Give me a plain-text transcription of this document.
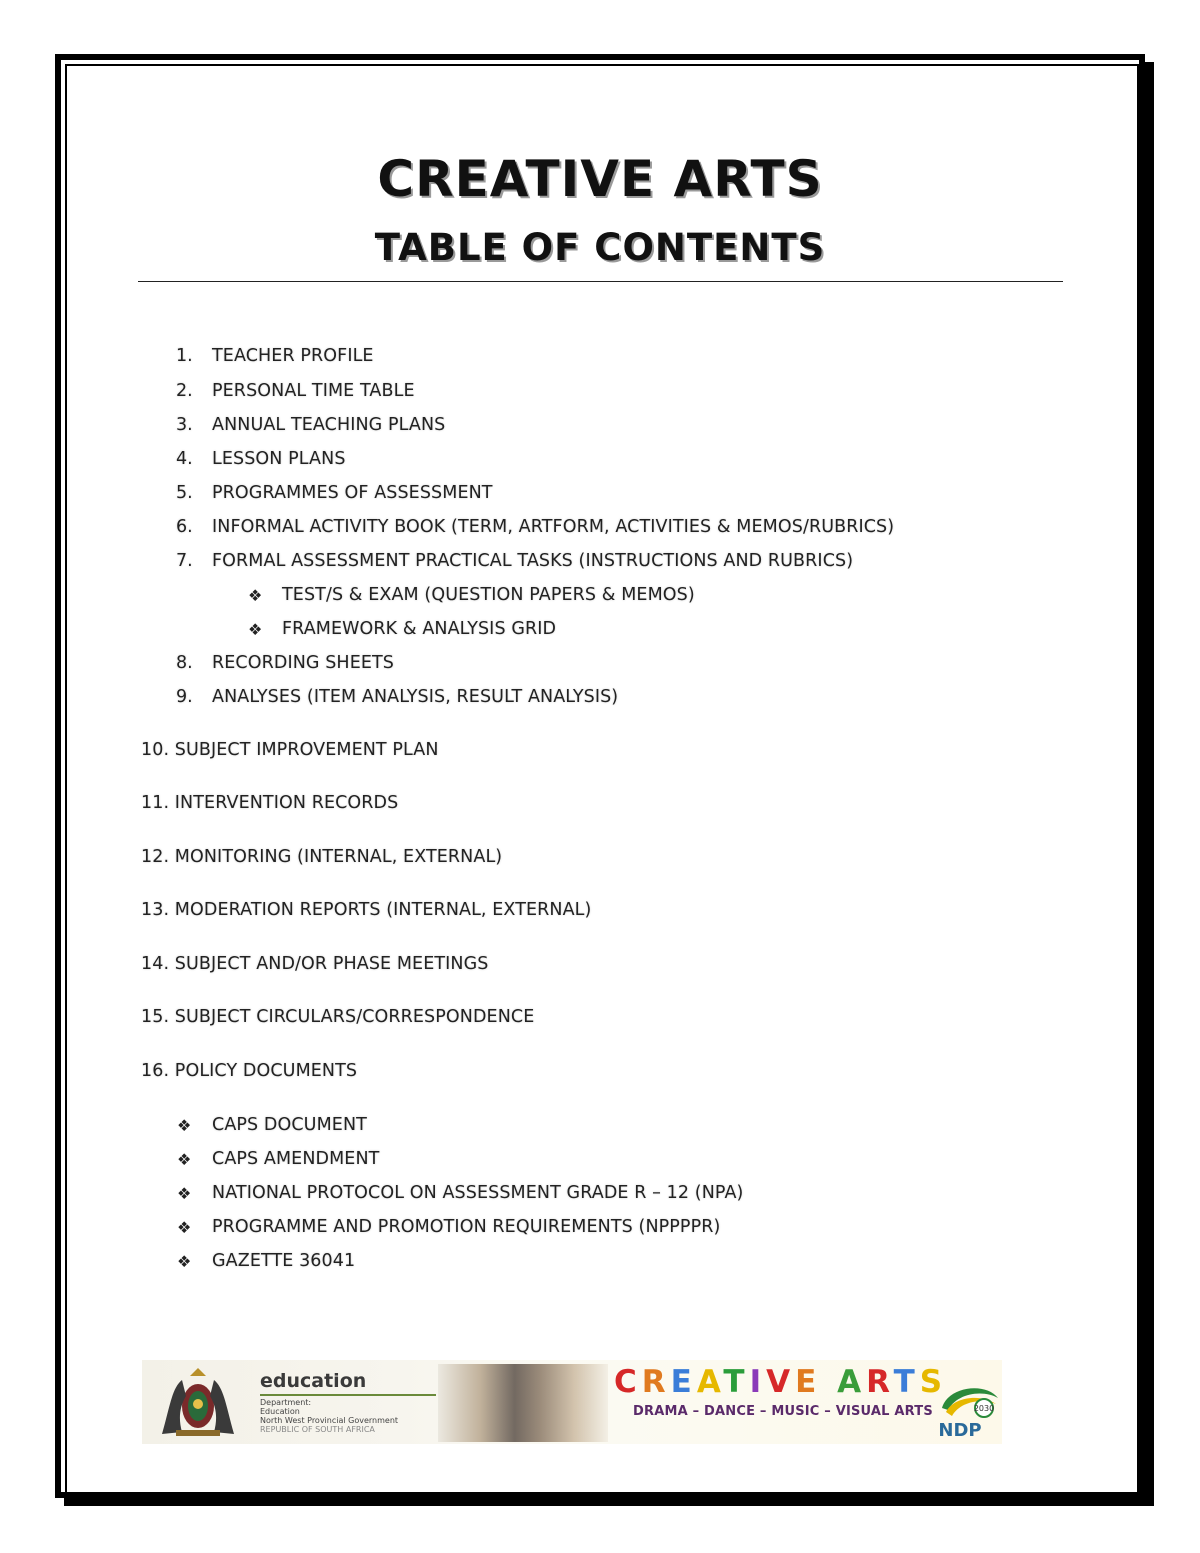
CREATIVE ARTS
TABLE OF CONTENTS
1. TEACHER PROFILE
2. PERSONAL TIME TABLE
3. ANNUAL TEACHING PLANS
4. LESSON PLANS
5. PROGRAMMES OF ASSESSMENT
6. INFORMAL ACTIVITY BOOK (TERM, ARTFORM, ACTIVITIES & MEMOS/RUBRICS)
7. FORMAL ASSESSMENT PRACTICAL TASKS (INSTRUCTIONS AND RUBRICS)
❖ TEST/S & EXAM (QUESTION PAPERS & MEMOS)
❖ FRAMEWORK & ANALYSIS GRID
8. RECORDING SHEETS
9. ANALYSES (ITEM ANALYSIS, RESULT ANALYSIS)
10. SUBJECT IMPROVEMENT PLAN
11. INTERVENTION RECORDS
12. MONITORING (INTERNAL, EXTERNAL)
13. MODERATION REPORTS (INTERNAL, EXTERNAL)
14. SUBJECT AND/OR PHASE MEETINGS
15. SUBJECT CIRCULARS/CORRESPONDENCE
16. POLICY DOCUMENTS
❖ CAPS DOCUMENT
❖ CAPS AMENDMENT
❖ NATIONAL PROTOCOL ON ASSESSMENT GRADE R – 12 (NPA)
❖ PROGRAMME AND PROMOTION REQUIREMENTS (NPPPPR)
❖ GAZETTE 36041
education
Department:
Education
North West Provincial Government
REPUBLIC OF SOUTH AFRICA
CREATIVE ARTS
DRAMA – DANCE – MUSIC – VISUAL ARTS	2030
NDP
